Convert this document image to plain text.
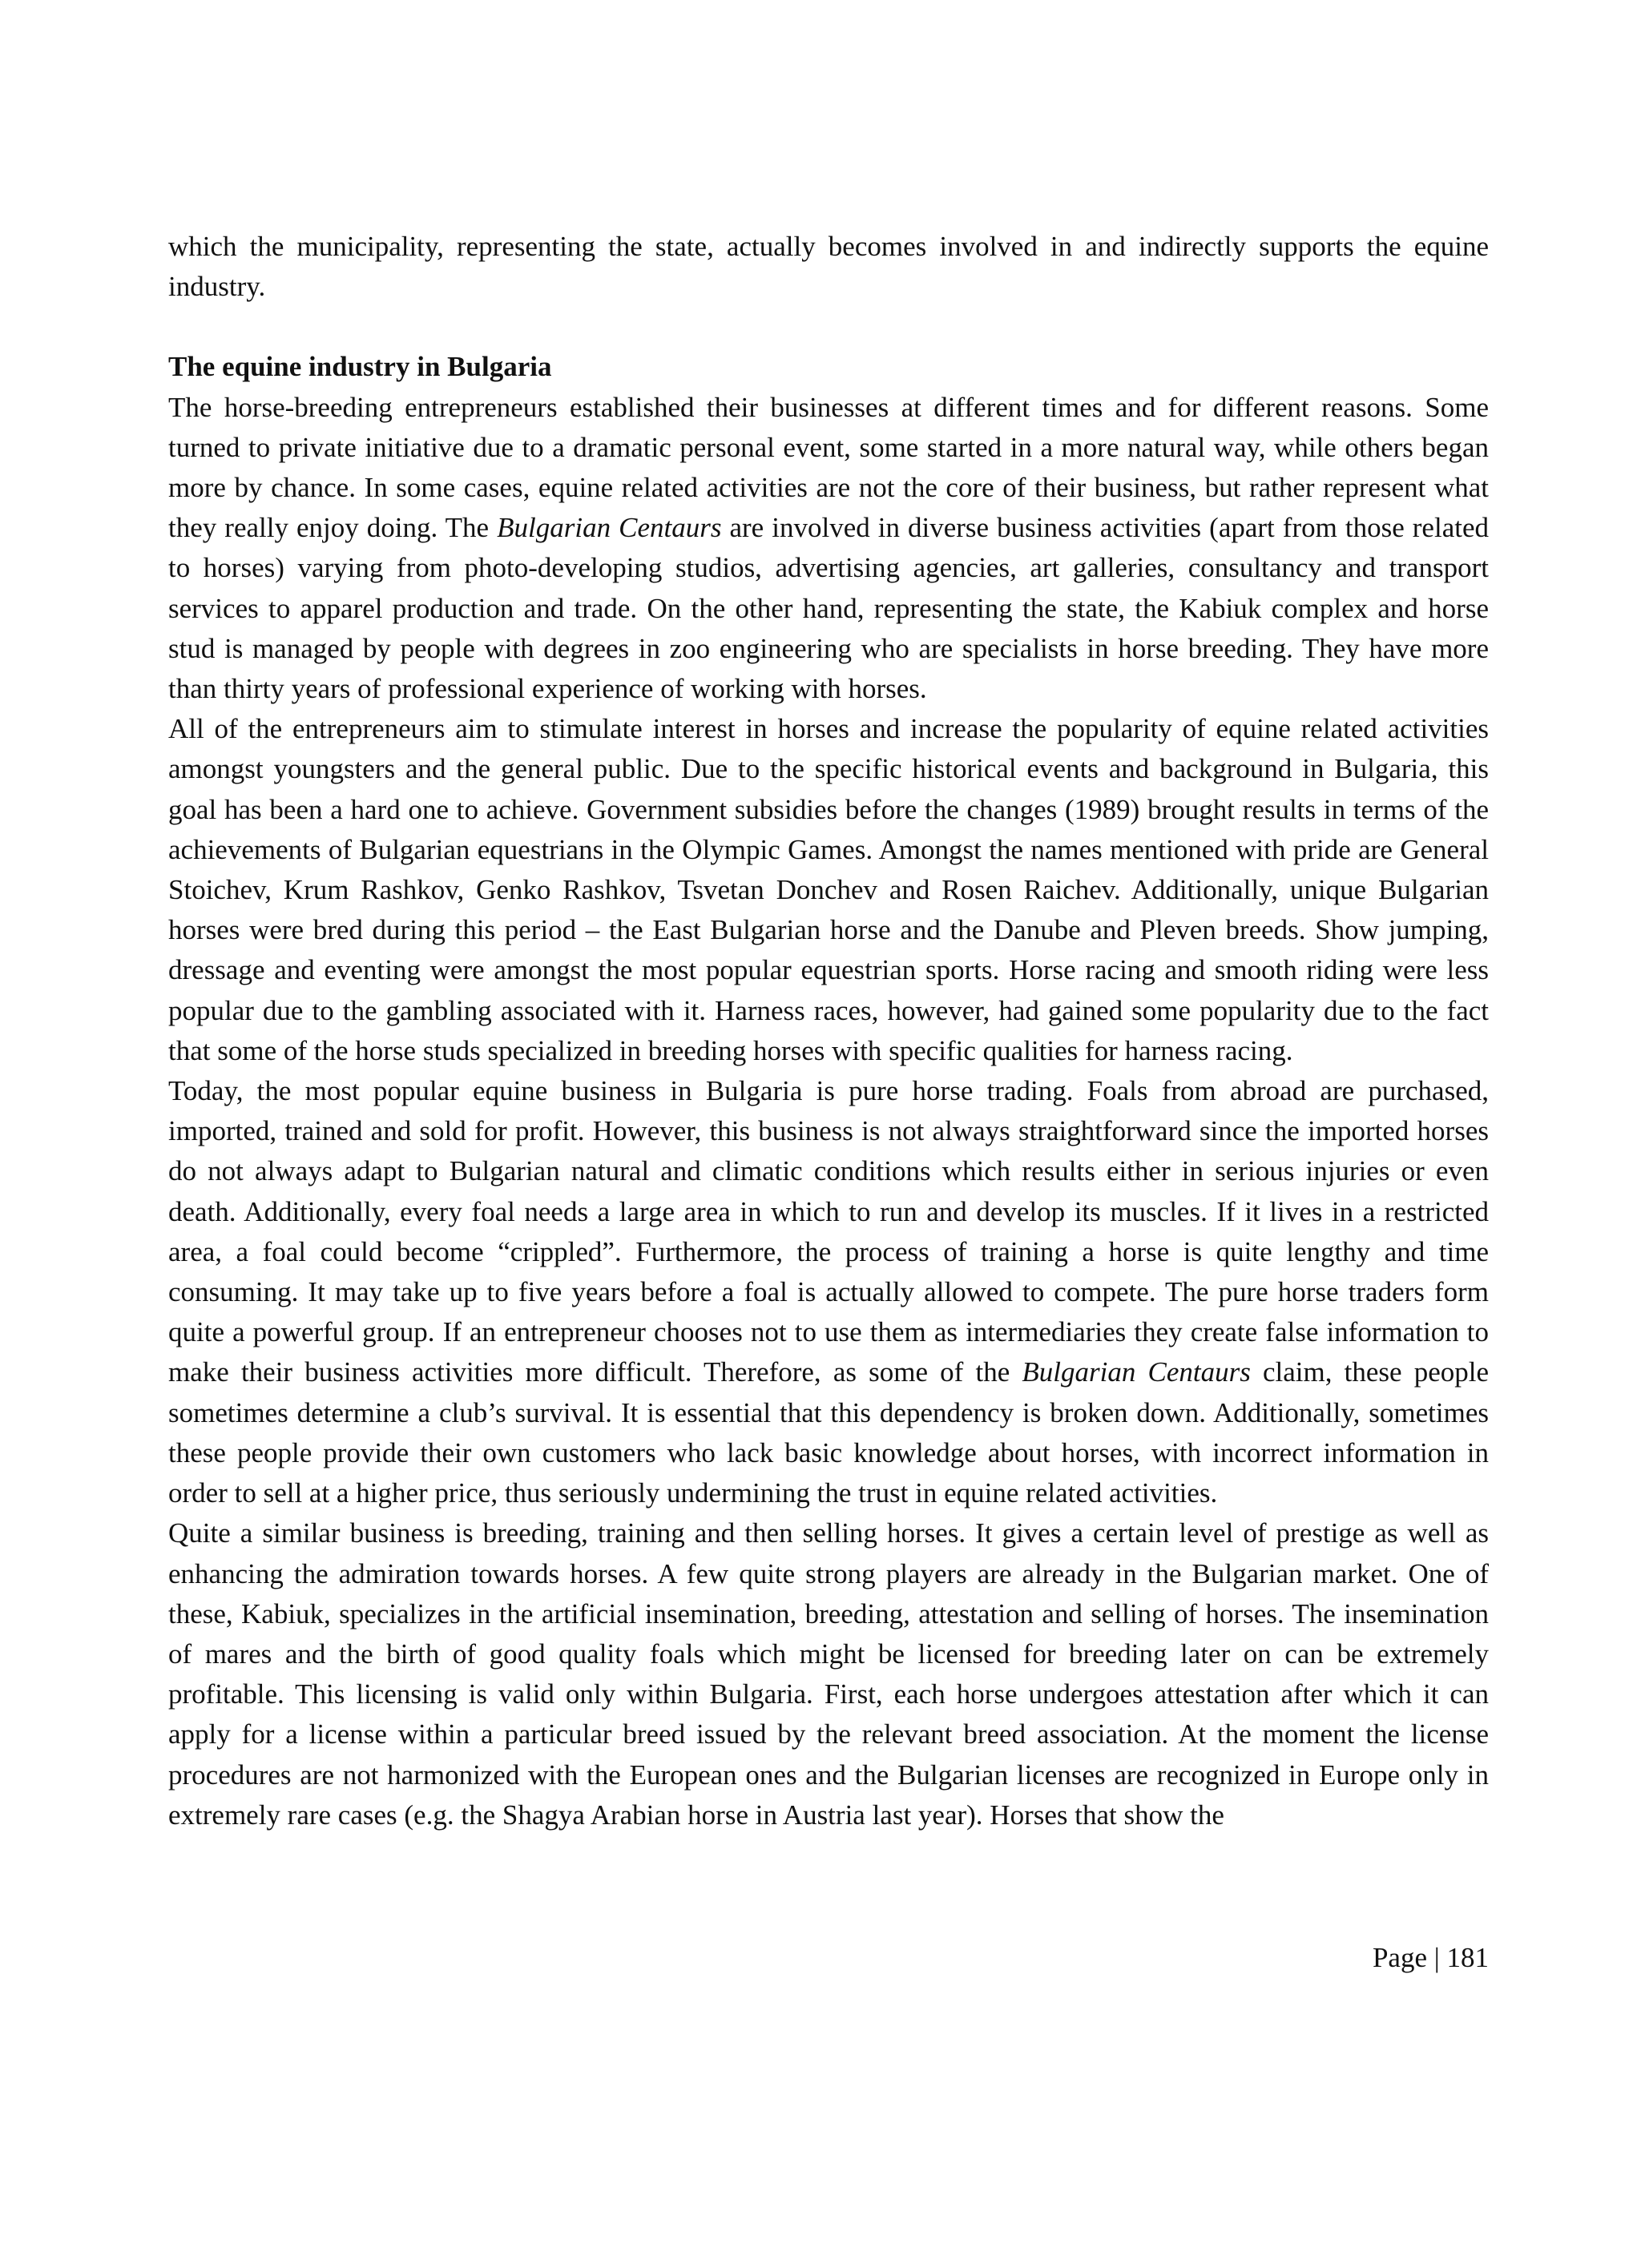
which the municipality, representing the state, actually becomes involved in and indirectly supports the equine industry.

The equine industry in Bulgaria

The horse-breeding entrepreneurs established their businesses at different times and for different reasons. Some turned to private initiative due to a dramatic personal event, some started in a more natural way, while others began more by chance. In some cases, equine related activities are not the core of their business, but rather represent what they really enjoy doing. The Bulgarian Centaurs are involved in diverse business activities (apart from those related to horses) varying from photo-developing studios, advertising agencies, art galleries, consultancy and transport services to apparel production and trade. On the other hand, representing the state, the Kabiuk complex and horse stud is managed by people with degrees in zoo engineering who are specialists in horse breeding. They have more than thirty years of professional experience of working with horses.

All of the entrepreneurs aim to stimulate interest in horses and increase the popularity of equine related activities amongst youngsters and the general public. Due to the specific historical events and background in Bulgaria, this goal has been a hard one to achieve. Government subsidies before the changes (1989) brought results in terms of the achievements of Bulgarian equestrians in the Olympic Games. Amongst the names mentioned with pride are General Stoichev, Krum Rashkov, Genko Rashkov, Tsvetan Donchev and Rosen Raichev. Additionally, unique Bulgarian horses were bred during this period – the East Bulgarian horse and the Danube and Pleven breeds. Show jumping, dressage and eventing were amongst the most popular equestrian sports. Horse racing and smooth riding were less popular due to the gambling associated with it. Harness races, however, had gained some popularity due to the fact that some of the horse studs specialized in breeding horses with specific qualities for harness racing.

Today, the most popular equine business in Bulgaria is pure horse trading. Foals from abroad are purchased, imported, trained and sold for profit. However, this business is not always straightforward since the imported horses do not always adapt to Bulgarian natural and climatic conditions which results either in serious injuries or even death. Additionally, every foal needs a large area in which to run and develop its muscles. If it lives in a restricted area, a foal could become “crippled”. Furthermore, the process of training a horse is quite lengthy and time consuming. It may take up to five years before a foal is actually allowed to compete. The pure horse traders form quite a powerful group. If an entrepreneur chooses not to use them as intermediaries they create false information to make their business activities more difficult. Therefore, as some of the Bulgarian Centaurs claim, these people sometimes determine a club’s survival. It is essential that this dependency is broken down. Additionally, sometimes these people provide their own customers who lack basic knowledge about horses, with incorrect information in order to sell at a higher price, thus seriously undermining the trust in equine related activities.

Quite a similar business is breeding, training and then selling horses. It gives a certain level of prestige as well as enhancing the admiration towards horses. A few quite strong players are already in the Bulgarian market. One of these, Kabiuk, specializes in the artificial insemination, breeding, attestation and selling of horses. The insemination of mares and the birth of good quality foals which might be licensed for breeding later on can be extremely profitable. This licensing is valid only within Bulgaria. First, each horse undergoes attestation after which it can apply for a license within a particular breed issued by the relevant breed association. At the moment the license procedures are not harmonized with the European ones and the Bulgarian licenses are recognized in Europe only in extremely rare cases (e.g. the Shagya Arabian horse in Austria last year). Horses that show the

Page | 181
